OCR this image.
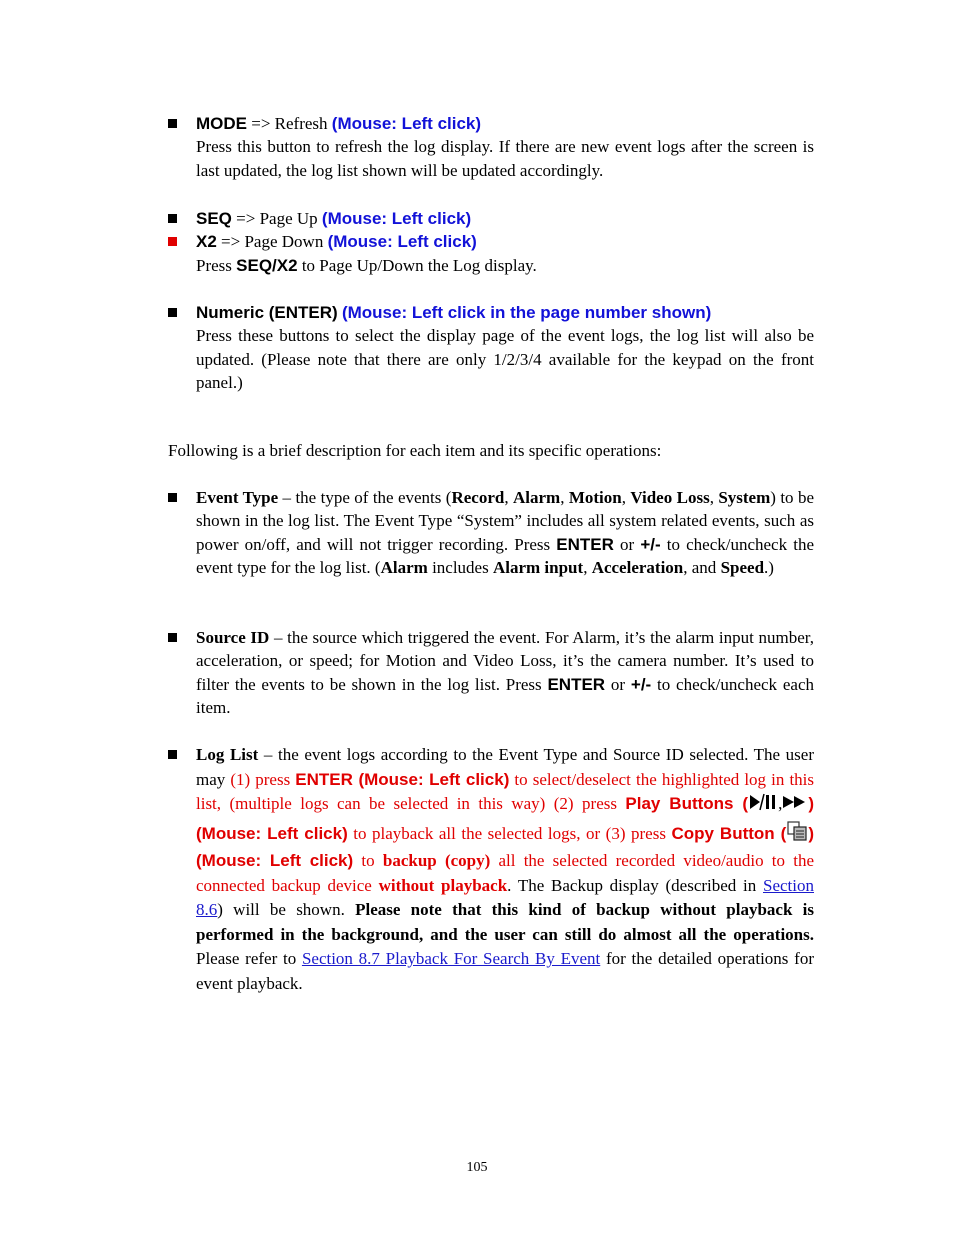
MODE => Refresh (Mouse: Left click)
Press this button to refresh the log display. If there are new event logs after the screen is last updated, the log list shown will be updated accordingly.
SEQ => Page Up (Mouse: Left click)
X2 => Page Down (Mouse: Left click)
Press SEQ/X2 to Page Up/Down the Log display.
Numeric (ENTER) (Mouse: Left click in the page number shown)
Press these buttons to select the display page of the event logs, the log list will also be updated. (Please note that there are only 1/2/3/4 available for the keypad on the front panel.)
Following is a brief description for each item and its specific operations:
Event Type – the type of the events (Record, Alarm, Motion, Video Loss, System) to be shown in the log list. The Event Type “System” includes all system related events, such as power on/off, and will not trigger recording. Press ENTER or +/- to check/uncheck the event type for the log list. (Alarm includes Alarm input, Acceleration, and Speed.)
Source ID – the source which triggered the event. For Alarm, it’s the alarm input number, acceleration, or speed; for Motion and Video Loss, it’s the camera number. It’s used to filter the events to be shown in the log list. Press ENTER or +/- to check/uncheck each item.
Log List – the event logs according to the Event Type and Source ID selected. The user may (1) press ENTER (Mouse: Left click) to select/deselect the highlighted log in this list, (multiple logs can be selected in this way) (2) press Play Buttons ( , ) (Mouse: Left click) to playback all the selected logs, or (3) press Copy Button ( ) (Mouse: Left click) to backup (copy) all the selected recorded video/audio to the connected backup device without playback. The Backup display (described in Section 8.6) will be shown. Please note that this kind of backup without playback is performed in the background, and the user can still do almost all the operations. Please refer to Section 8.7 Playback For Search By Event for the detailed operations for event playback.
105
